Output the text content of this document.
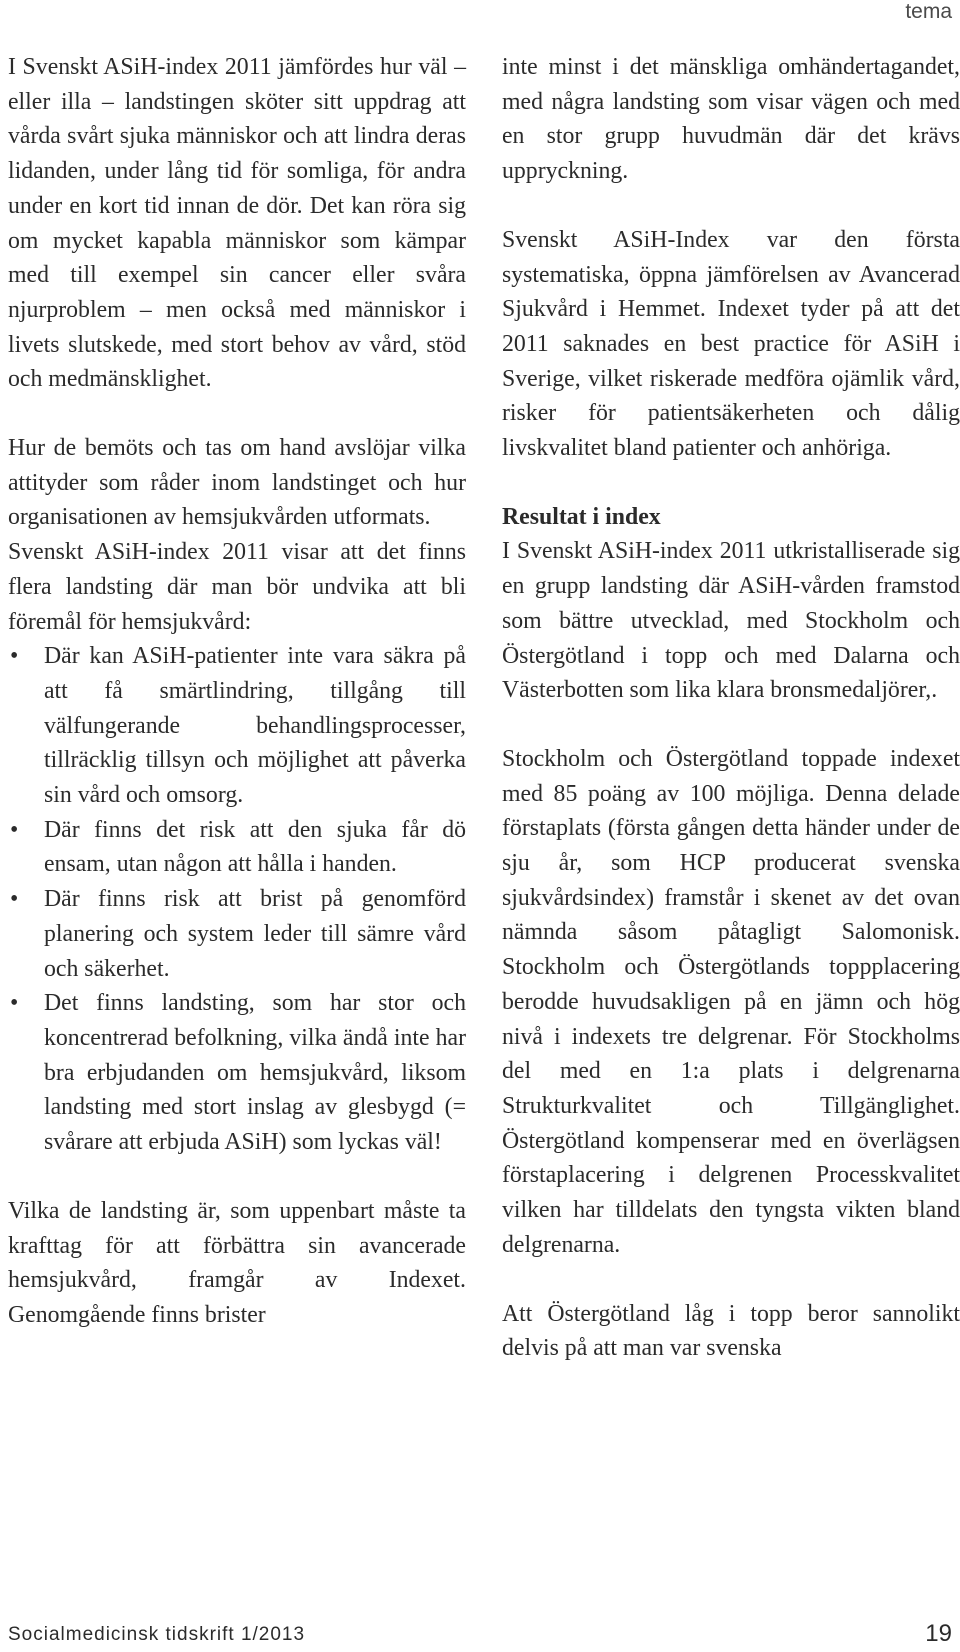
tema

I Svenskt ASiH-index 2011 jämfördes hur väl – eller illa – landstingen sköter sitt uppdrag att vårda svårt sjuka människor och att lindra deras lidanden, under lång tid för somliga, för andra under en kort tid innan de dör. Det kan röra sig om mycket kapabla människor som kämpar med till exempel sin cancer eller svåra njurproblem – men också med människor i livets slutskede, med stort behov av vård, stöd och medmänsklighet.

Hur de bemöts och tas om hand avslöjar vilka attityder som råder inom landstinget och hur organisationen av hemsjukvården utformats.

Svenskt ASiH-index 2011 visar att det finns flera landsting där man bör undvika att bli föremål för hemsjukvård:

• Där kan ASiH-patienter inte vara säkra på att få smärtlindring, tillgång till välfungerande behandlingsprocesser, tillräcklig tillsyn och möjlighet att påverka sin vård och omsorg.
• Där finns det risk att den sjuka får dö ensam, utan någon att hålla i handen.
• Där finns risk att brist på genomförd planering och system leder till sämre vård och säkerhet.
• Det finns landsting, som har stor och koncentrerad befolkning, vilka ändå inte har bra erbjudanden om hemsjukvård, liksom landsting med stort inslag av glesbygd (= svårare att erbjuda ASiH) som lyckas väl!

Vilka de landsting är, som uppenbart måste ta krafttag för att förbättra sin avancerade hemsjukvård, framgår av Indexet. Genomgående finns brister

inte minst i det mänskliga omhändertagandet, med några landsting som visar vägen och med en stor grupp huvudmän där det krävs uppryckning.

Svenskt ASiH-Index var den första systematiska, öppna jämförelsen av Avancerad Sjukvård i Hemmet. Indexet tyder på att det 2011 saknades en best practice för ASiH i Sverige, vilket riskerade medföra ojämlik vård, risker för patientsäkerheten och dålig livskvalitet bland patienter och anhöriga.

Resultat i index

I Svenskt ASiH-index 2011 utkristalliserade sig en grupp landsting där ASiH-vården framstod som bättre utvecklad, med Stockholm och Östergötland i topp och med Dalarna och Västerbotten som lika klara bronsmedaljörer,.

Stockholm och Östergötland toppade indexet med 85 poäng av 100 möjliga. Denna delade förstaplats (första gången detta händer under de sju år, som HCP producerat svenska sjukvårdsindex) framstår i skenet av det ovan nämnda såsom påtagligt Salomonisk. Stockholm och Östergötlands toppplacering berodde huvudsakligen på en jämn och hög nivå i indexets tre delgrenar. För Stockholms del med en 1:a plats i delgrenarna Strukturkvalitet och Tillgänglighet. Östergötland kompenserar med en överlägsen förstaplacering i delgrenen Processkvalitet vilken har tilldelats den tyngsta vikten bland delgrenarna.

Att Östergötland låg i topp beror sannolikt delvis på att man var svenska

Socialmedicinsk tidskrift 1/2013	19
